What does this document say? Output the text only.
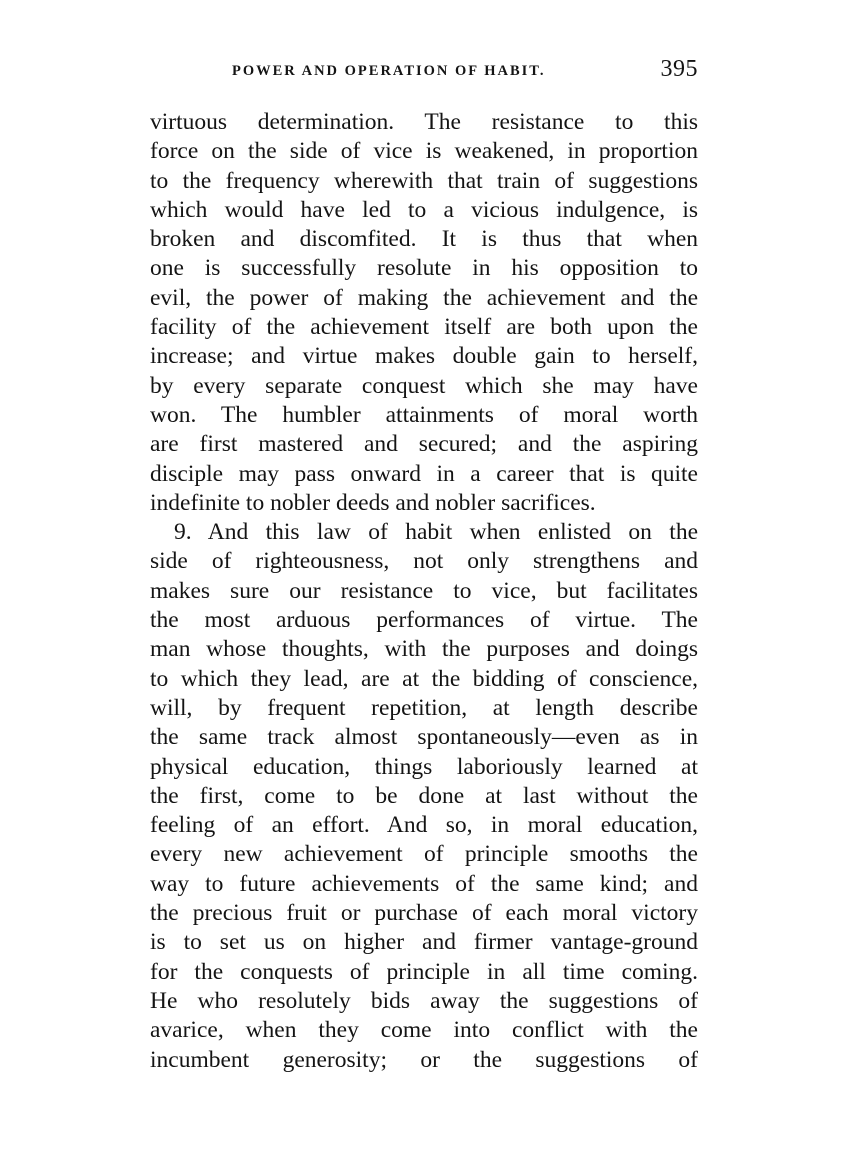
POWER AND OPERATION OF HABIT.	395
virtuous determination. The resistance to this
force on the side of vice is weakened, in proportion
to the frequency wherewith that train of suggestions
which would have led to a vicious indulgence, is
broken and discomfited. It is thus that when
one is successfully resolute in his opposition to
evil, the power of making the achievement and the
facility of the achievement itself are both upon the
increase; and virtue makes double gain to herself,
by every separate conquest which she may have
won. The humbler attainments of moral worth
are first mastered and secured; and the aspiring
disciple may pass onward in a career that is quite
indefinite to nobler deeds and nobler sacrifices.
9. And this law of habit when enlisted on the
side of righteousness, not only strengthens and
makes sure our resistance to vice, but facilitates
the most arduous performances of virtue. The
man whose thoughts, with the purposes and doings
to which they lead, are at the bidding of conscience,
will, by frequent repetition, at length describe
the same track almost spontaneously—even as in
physical education, things laboriously learned at
the first, come to be done at last without the
feeling of an effort. And so, in moral education,
every new achievement of principle smooths the
way to future achievements of the same kind; and
the precious fruit or purchase of each moral victory
is to set us on higher and firmer vantage-ground
for the conquests of principle in all time coming.
He who resolutely bids away the suggestions of
avarice, when they come into conflict with the
incumbent generosity; or the suggestions of
